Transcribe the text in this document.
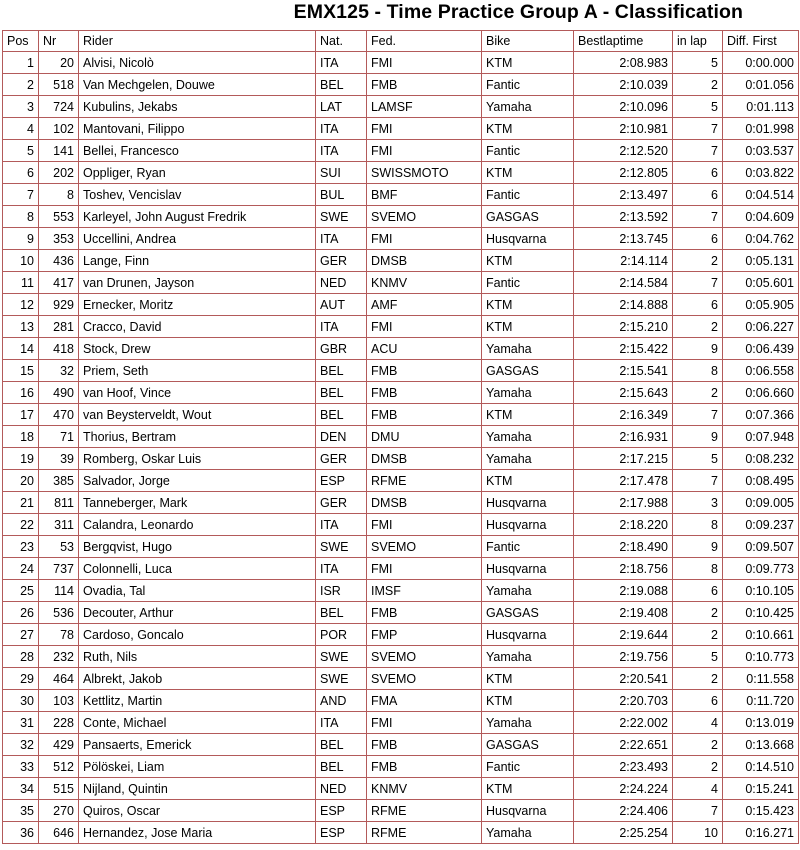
EMX125 - Time Practice Group A - Classification
Pos	Nr	Rider	Nat.	Fed.	Bike	Bestlaptime	in lap	Diff. First
1	20	Alvisi, Nicolò	ITA	FMI	KTM	2:08.983	5	0:00.000
2	518	Van Mechgelen, Douwe	BEL	FMB	Fantic	2:10.039	2	0:01.056
3	724	Kubulins, Jekabs	LAT	LAMSF	Yamaha	2:10.096	5	0:01.113
4	102	Mantovani, Filippo	ITA	FMI	KTM	2:10.981	7	0:01.998
5	141	Bellei, Francesco	ITA	FMI	Fantic	2:12.520	7	0:03.537
6	202	Oppliger, Ryan	SUI	SWISSMOTO	KTM	2:12.805	6	0:03.822
7	8	Toshev, Vencislav	BUL	BMF	Fantic	2:13.497	6	0:04.514
8	553	Karleyel, John August Fredrik	SWE	SVEMO	GASGAS	2:13.592	7	0:04.609
9	353	Uccellini, Andrea	ITA	FMI	Husqvarna	2:13.745	6	0:04.762
10	436	Lange, Finn	GER	DMSB	KTM	2:14.114	2	0:05.131
11	417	van Drunen, Jayson	NED	KNMV	Fantic	2:14.584	7	0:05.601
12	929	Ernecker, Moritz	AUT	AMF	KTM	2:14.888	6	0:05.905
13	281	Cracco, David	ITA	FMI	KTM	2:15.210	2	0:06.227
14	418	Stock, Drew	GBR	ACU	Yamaha	2:15.422	9	0:06.439
15	32	Priem, Seth	BEL	FMB	GASGAS	2:15.541	8	0:06.558
16	490	van Hoof, Vince	BEL	FMB	Yamaha	2:15.643	2	0:06.660
17	470	van Beysterveldt, Wout	BEL	FMB	KTM	2:16.349	7	0:07.366
18	71	Thorius, Bertram	DEN	DMU	Yamaha	2:16.931	9	0:07.948
19	39	Romberg, Oskar Luis	GER	DMSB	Yamaha	2:17.215	5	0:08.232
20	385	Salvador, Jorge	ESP	RFME	KTM	2:17.478	7	0:08.495
21	811	Tanneberger, Mark	GER	DMSB	Husqvarna	2:17.988	3	0:09.005
22	311	Calandra, Leonardo	ITA	FMI	Husqvarna	2:18.220	8	0:09.237
23	53	Bergqvist, Hugo	SWE	SVEMO	Fantic	2:18.490	9	0:09.507
24	737	Colonnelli, Luca	ITA	FMI	Husqvarna	2:18.756	8	0:09.773
25	114	Ovadia, Tal	ISR	IMSF	Yamaha	2:19.088	6	0:10.105
26	536	Decouter, Arthur	BEL	FMB	GASGAS	2:19.408	2	0:10.425
27	78	Cardoso, Goncalo	POR	FMP	Husqvarna	2:19.644	2	0:10.661
28	232	Ruth, Nils	SWE	SVEMO	Yamaha	2:19.756	5	0:10.773
29	464	Albrekt, Jakob	SWE	SVEMO	KTM	2:20.541	2	0:11.558
30	103	Kettlitz, Martin	AND	FMA	KTM	2:20.703	6	0:11.720
31	228	Conte, Michael	ITA	FMI	Yamaha	2:22.002	4	0:13.019
32	429	Pansaerts, Emerick	BEL	FMB	GASGAS	2:22.651	2	0:13.668
33	512	Pölöskei, Liam	BEL	FMB	Fantic	2:23.493	2	0:14.510
34	515	Nijland, Quintin	NED	KNMV	KTM	2:24.224	4	0:15.241
35	270	Quiros, Oscar	ESP	RFME	Husqvarna	2:24.406	7	0:15.423
36	646	Hernandez, Jose Maria	ESP	RFME	Yamaha	2:25.254	10	0:16.271
